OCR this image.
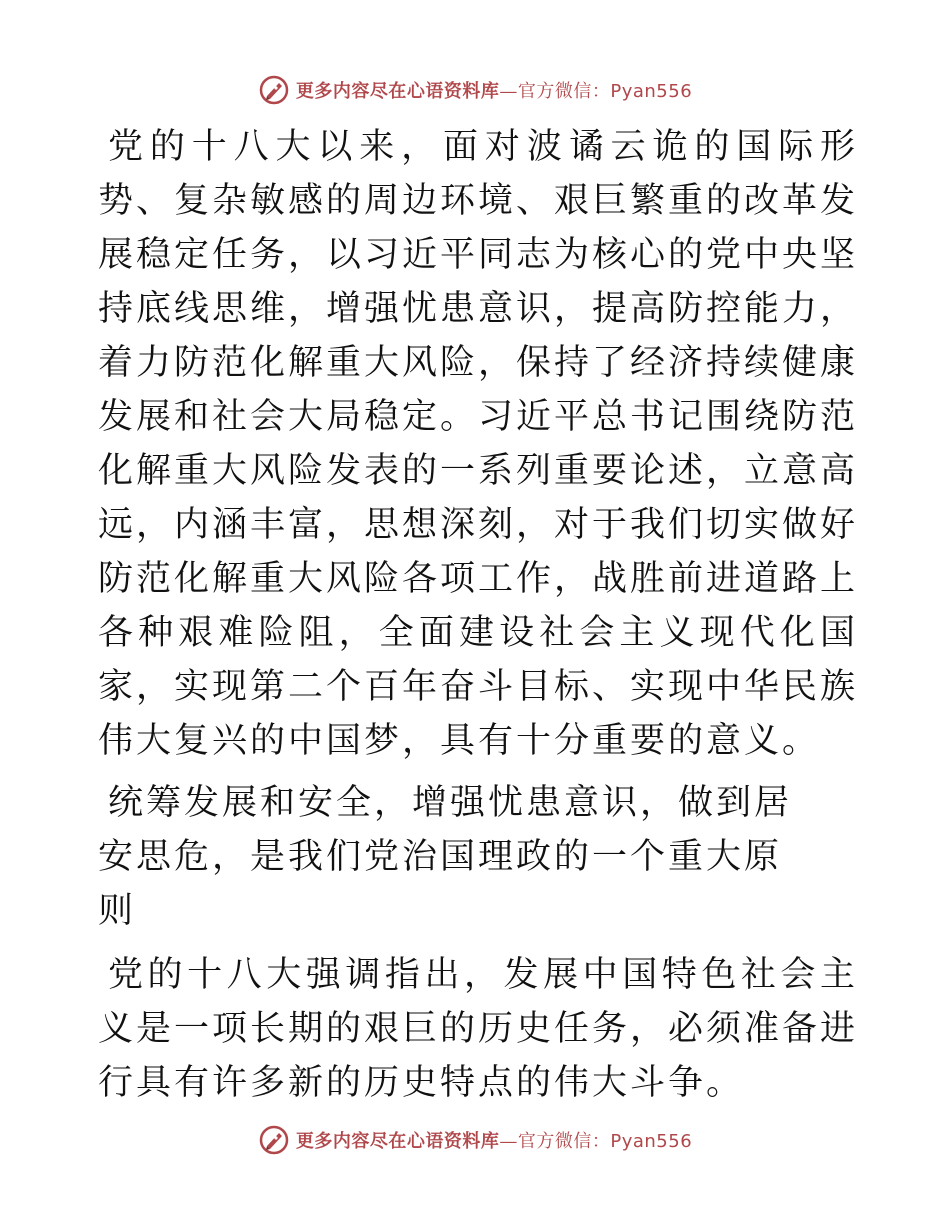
更多内容尽在心语资料库—官方微信：Pyan556

党的十八大以来，面对波谲云诡的国际形势、复杂敏感的周边环境、艰巨繁重的改革发展稳定任务，以习近平同志为核心的党中央坚持底线思维，增强忧患意识，提高防控能力，着力防范化解重大风险，保持了经济持续健康发展和社会大局稳定。习近平总书记围绕防范化解重大风险发表的一系列重要论述，立意高远，内涵丰富，思想深刻，对于我们切实做好防范化解重大风险各项工作，战胜前进道路上各种艰难险阻，全面建设社会主义现代化国家，实现第二个百年奋斗目标、实现中华民族伟大复兴的中国梦，具有十分重要的意义。

统筹发展和安全，增强忧患意识，做到居安思危，是我们党治国理政的一个重大原则

党的十八大强调指出，发展中国特色社会主义是一项长期的艰巨的历史任务，必须准备进行具有许多新的历史特点的伟大斗争。

更多内容尽在心语资料库—官方微信：Pyan556
